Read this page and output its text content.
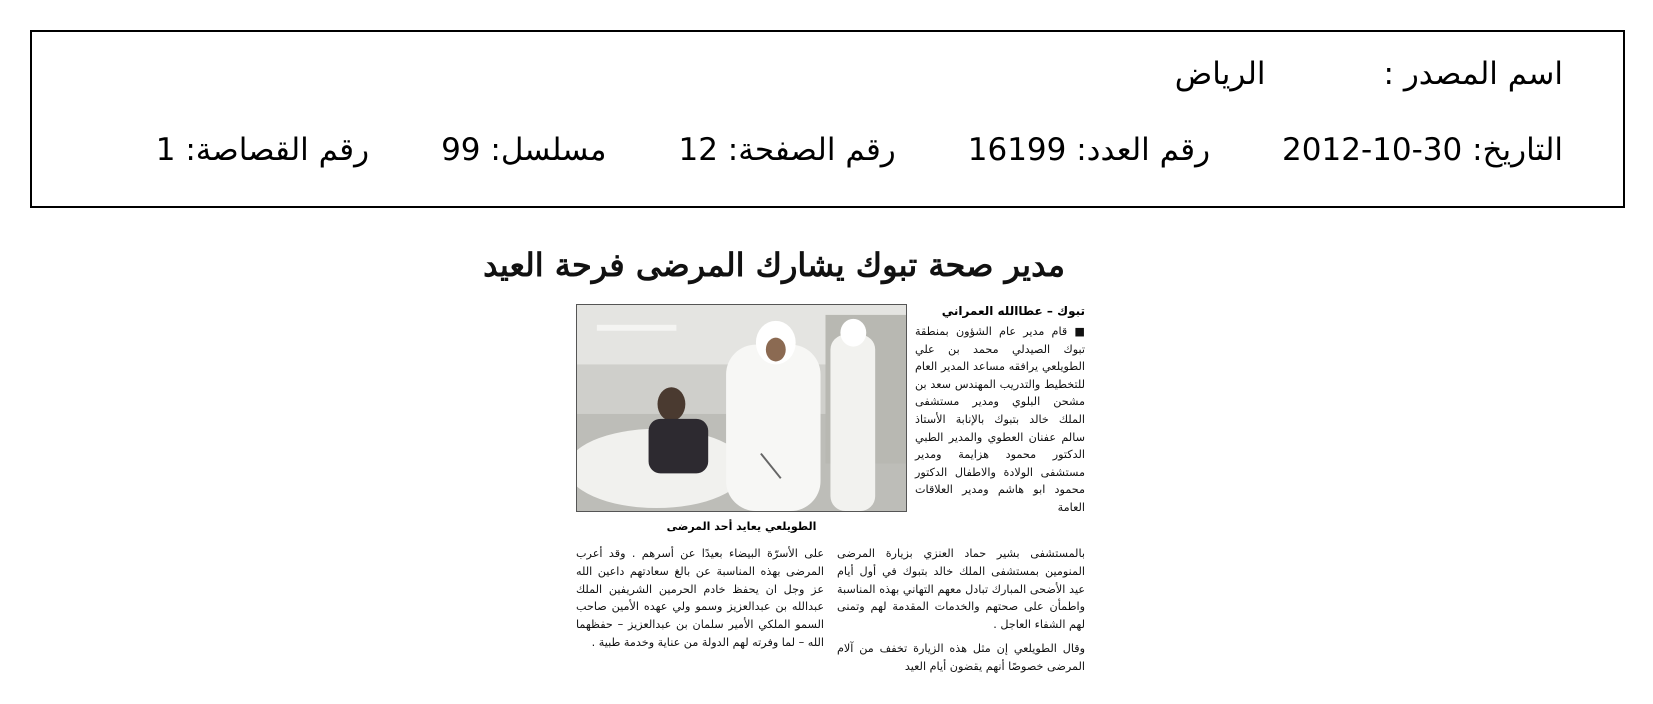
اسم المصدر :
الرياض
التاريخ: 30-10-2012
رقم العدد: 16199
رقم الصفحة: 12
مسلسل: 99
رقم القصاصة: 1
مدير صحة تبوك يشارك المرضى فرحة العيد
تبوك – عطاالله العمراني

■ قام مدير عام الشؤون بمنطقة تبوك الصيدلي محمد بن علي الطويلعي يرافقه مساعد المدير العام للتخطيط والتدريب المهندس سعد بن مشحن البلوي ومدير مستشفى الملك خالد بتبوك بالإنابة الأستاذ سالم عفنان العطوي والمدير الطبي الدكتور محمود هزايمة ومدير مستشفى الولادة والاطفال الدكتور محمود ابو هاشم ومدير العلاقات العامة

الطويلعي يعايد أحد المرضى

بالمستشفى بشير حماد العنزي بزيارة المرضى المنومين بمستشفى الملك خالد بتبوك في أول أيام عيد الأضحى المبارك تبادل معهم التهاني بهذه المناسبة واطمأن على صحتهم والخدمات المقدمة لهم وتمنى لهم الشفاء العاجل .

وقال الطويلعي إن مثل هذه الزيارة تخفف من آلام المرضى خصوصًا أنهم يقضون أيام العيد

على الأسرّة البيضاء بعيدًا عن أسرهم . وقد أعرب المرضى بهذه المناسبة عن بالغ سعادتهم داعين الله عز وجل ان يحفظ خادم الحرمين الشريفين الملك عبدالله بن عبدالعزيز وسمو ولي عهده الأمين صاحب السمو الملكي الأمير سلمان بن عبدالعزيز – حفظهما الله – لما وفرته لهم الدولة من عناية وخدمة طبية .
